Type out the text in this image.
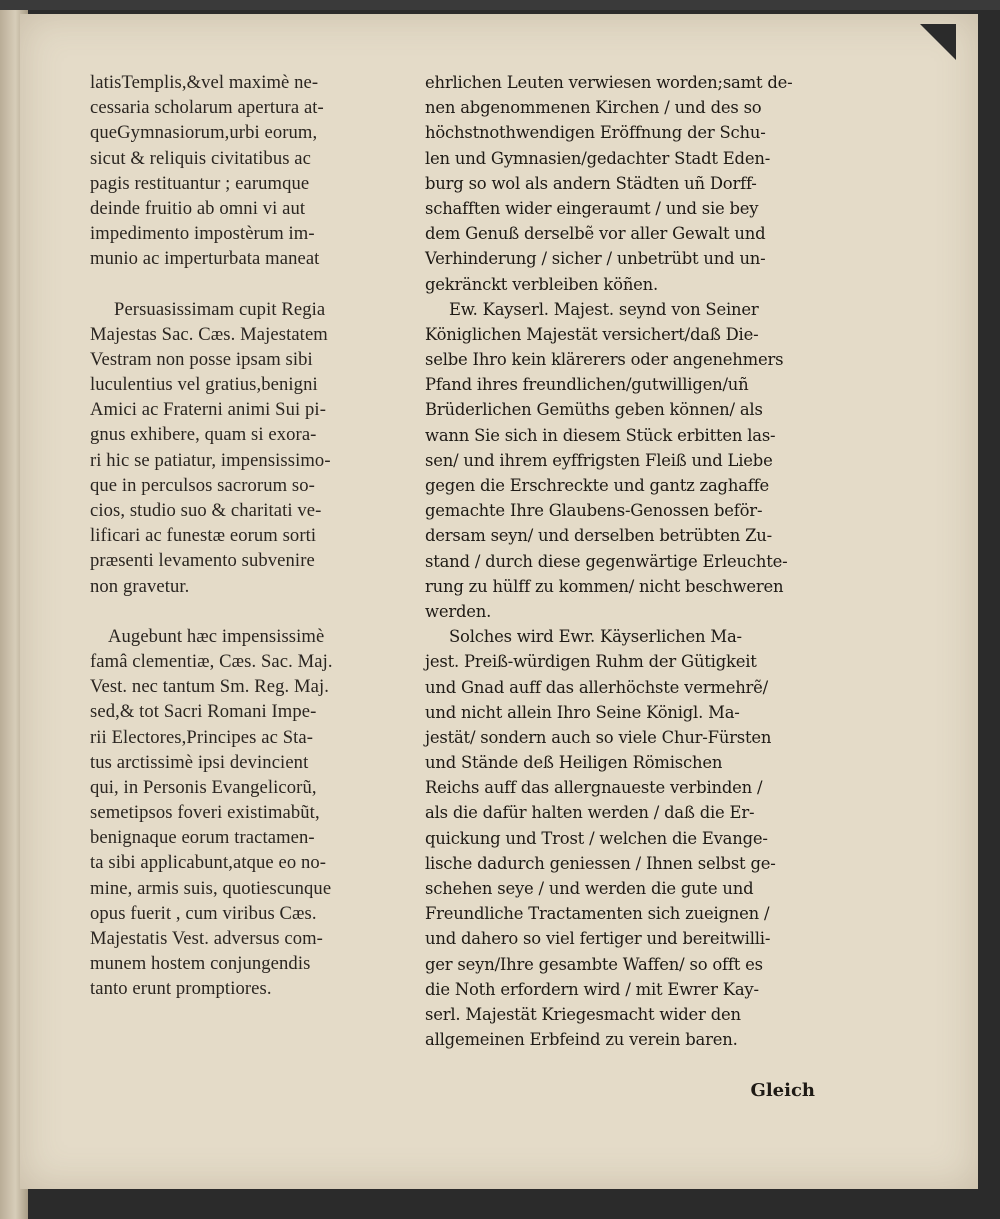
latisTemplis,&vel maximè ne-
cessaria scholarum apertura at-
queGymnasiorum,urbi eorum,
sicut & reliquis civitatibus ac
pagis restituantur ; earumque
deinde fruitio ab omni vi aut
impedimento impostèrum im-
munio ac imperturbata maneat
Persuasissimam cupit Regia
Majestas Sac. Cæs. Majestatem
Vestram non posse ipsam sibi
luculentius vel gratius,benigni
Amici ac Fraterni animi Sui pi-
gnus exhibere, quam si exora-
ri hic se patiatur, impensissimo-
que in perculsos sacrorum so-
cios, studio suo & charitati ve-
lificari ac funestæ eorum sorti
præsenti levamento subvenire
non gravetur.
Augebunt hæc impensissimè
famâ clementiæ, Cæs. Sac. Maj.
Vest. nec tantum Sm. Reg. Maj.
sed,& tot Sacri Romani Impe-
rii Electores,Principes ac Sta-
tus arctissimè ipsi devincient
qui, in Personis Evangelicorũ,
semetipsos foveri existimabũt,
benignaque eorum tractamen-
ta sibi applicabunt,atque eo no-
mine, armis suis, quotiescunque
opus fuerit , cum viribus Cæs.
Majestatis Vest. adversus com-
munem hostem conjungendis
tanto erunt promptiores.
ehrlichen Leuten verwiesen worden;samt de-
nen abgenommenen Kirchen / und des so
höchstnothwendigen Eröffnung der Schu-
len und Gymnasien/gedachter Stadt Eden-
burg so wol als andern Städten uñ Dorff-
schafften wider eingeraumt / und sie bey
dem Genuß derselbẽ vor aller Gewalt und
Verhinderung / sicher / unbetrübt und un-
gekränckt verbleiben köñen.
Ew. Kayserl. Majest. seynd von Seiner
Königlichen Majestät versichert/daß Die-
selbe Ihro kein klärerers oder angenehmers
Pfand ihres freundlichen/gutwilligen/uñ
Brüderlichen Gemüths geben können/ als
wann Sie sich in diesem Stück erbitten las-
sen/ und ihrem eyffrigsten Fleiß und Liebe
gegen die Erschreckte und gantz zaghaffe
gemachte Ihre Glaubens-Genossen beför-
dersam seyn/ und derselben betrübten Zu-
stand / durch diese gegenwärtige Erleuchte-
rung zu hülff zu kommen/ nicht beschweren
werden.
Solches wird Ewr. Käyserlichen Ma-
jest. Preiß-würdigen Ruhm der Gütigkeit
und Gnad auff das allerhöchste vermehrẽ/
und nicht allein Ihro Seine Königl. Ma-
jestät/ sondern auch so viele Chur-Fürsten
und Stände deß Heiligen Römischen
Reichs auff das allergnaueste verbinden /
als die dafür halten werden / daß die Er-
quickung und Trost / welchen die Evange-
lische dadurch geniessen / Ihnen selbst ge-
schehen seye / und werden die gute und
Freundliche Tractamenten sich zueignen /
und dahero so viel fertiger und bereitwilli-
ger seyn/Ihre gesambte Waffen/ so offt es
die Noth erfordern wird / mit Ewrer Kay-
serl. Majestät Kriegesmacht wider den
allgemeinen Erbfeind zu verein baren.
Gleich
